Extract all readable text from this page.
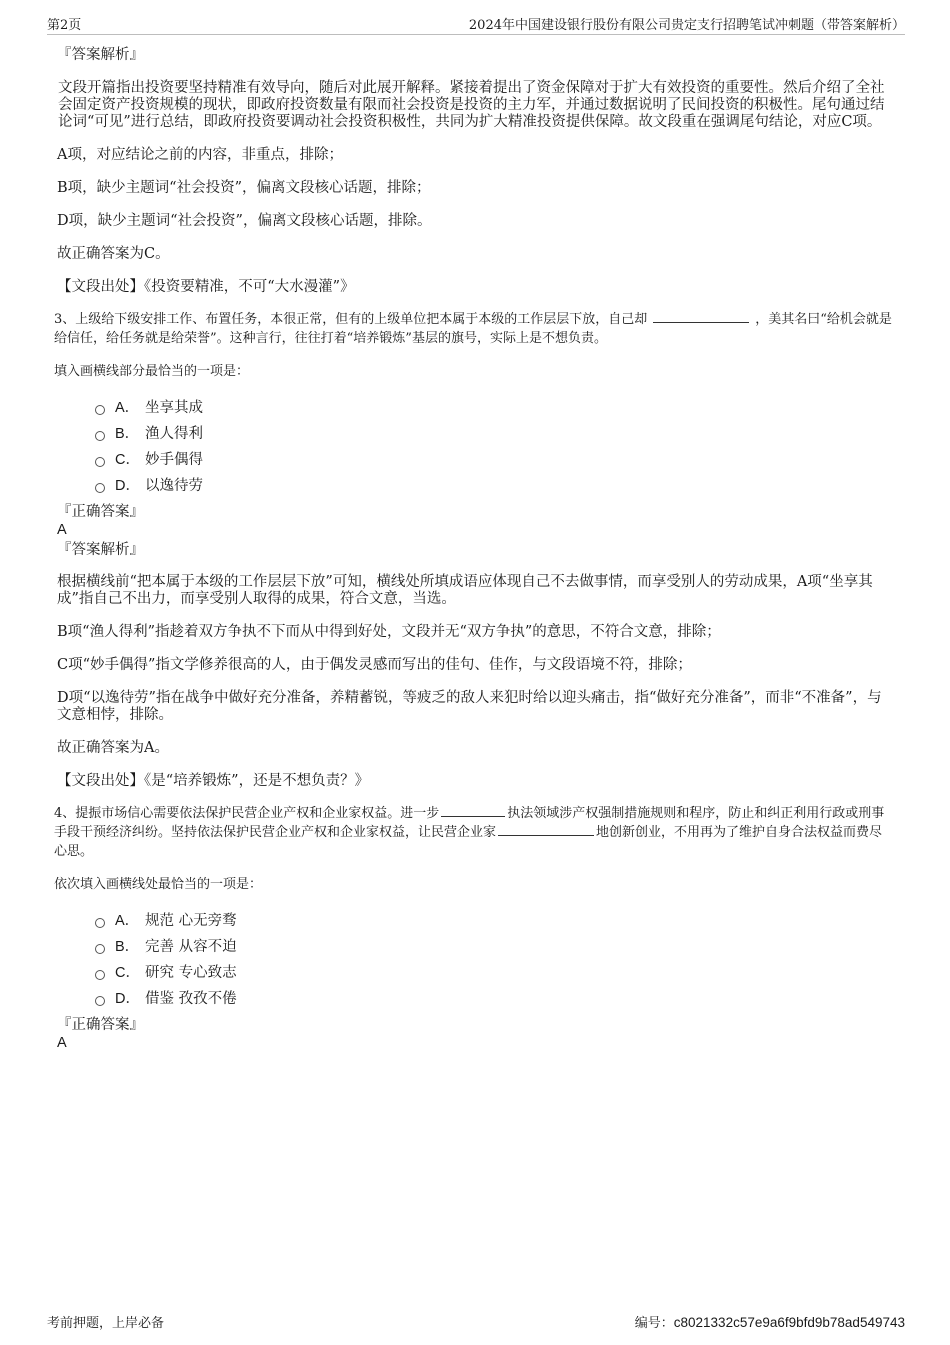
第2页	2024年中国建设银行股份有限公司贵定支行招聘笔试冲刺题（带答案解析）

『答案解析』

文段开篇指出投资要坚持精准有效导向，随后对此展开解释。紧接着提出了资金保障对于扩大有效投资的重要性。然后介绍了全社会固定资产投资规模的现状，即政府投资数量有限而社会投资是投资的主力军，并通过数据说明了民间投资的积极性。尾句通过结论词“可见”进行总结，即政府投资要调动社会投资积极性，共同为扩大精准投资提供保障。故文段重在强调尾句结论，对应C项。

A项，对应结论之前的内容，非重点，排除；

B项，缺少主题词“社会投资”，偏离文段核心话题，排除；

D项，缺少主题词“社会投资”，偏离文段核心话题，排除。

故正确答案为C。

【文段出处】《投资要精准，不可“大水漫灌”》

3、上级给下级安排工作、布置任务，本很正常，但有的上级单位把本属于本级的工作层层下放，自己却	，美其名曰“给机会就是给信任，给任务就是给荣誉”。这种言行，往往打着“培养锻炼”基层的旗号，实际上是不想负责。

填入画横线部分最恰当的一项是：

A． 坐享其成
B． 渔人得利
C． 妙手偶得
D． 以逸待劳

『正确答案』

A

『答案解析』

根据横线前“把本属于本级的工作层层下放”可知，横线处所填成语应体现自己不去做事情，而享受别人的劳动成果，A项“坐享其成”指自己不出力，而享受别人取得的成果，符合文意，当选。

B项“渔人得利”指趁着双方争执不下而从中得到好处，文段并无“双方争执”的意思，不符合文意，排除；

C项“妙手偶得”指文学修养很高的人，由于偶发灵感而写出的佳句、佳作，与文段语境不符，排除；

D项“以逸待劳”指在战争中做好充分准备，养精蓄锐，等疲乏的敌人来犯时给以迎头痛击，指“做好充分准备”，而非“不准备”，与文意相悖，排除。

故正确答案为A。

【文段出处】《是“培养锻炼”，还是不想负责？》

4、提振市场信心需要依法保护民营企业产权和企业家权益。进一步	执法领域涉产权强制措施规则和程序，防止和纠正利用行政或刑事手段干预经济纠纷。坚持依法保护民营企业产权和企业家权益，让民营企业家	地创新创业，不用再为了维护自身合法权益而费尽心思。

依次填入画横线处最恰当的一项是：

A． 规范 心无旁骛
B． 完善 从容不迫
C． 研究 专心致志
D． 借鉴 孜孜不倦

『正确答案』

A

考前押题，上岸必备	编号：c8021332c57e9a6f9bfd9b78ad549743
